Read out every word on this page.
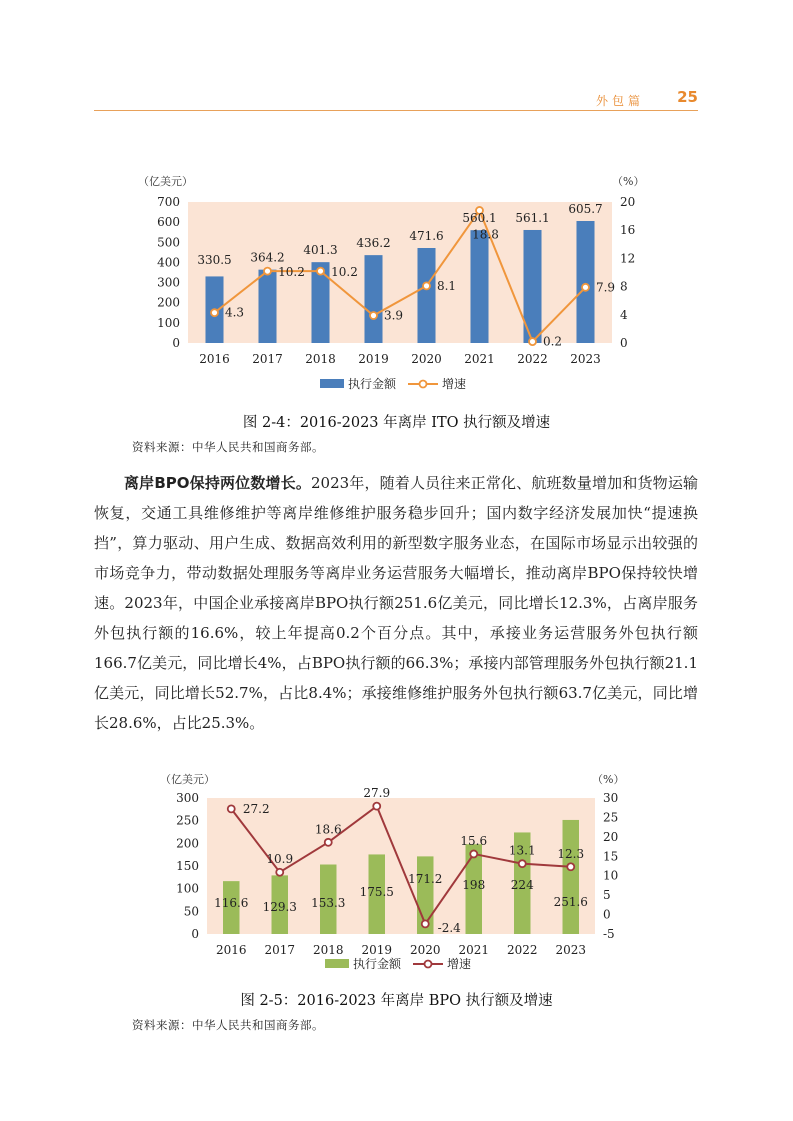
外包篇 25
（亿美元）	（%）
0
100
200
300
400
500
600
700
0
4
8
12
16
20
2016 2017 2018 2019 2020 2021 2022 2023
330.5 364.2
401.3
436.2
471.6
560.1 561.1
605.7
4.3
10.2 10.2
3.9
8.1
18.8
0.2
7.9
执行金额	增速
图 2-4：2016-2023 年离岸 ITO 执行额及增速
资料来源：中华人民共和国商务部。

离岸BPO保持两位数增长。2023年，随着人员往来正常化、航班数量增加和货物运输恢复，交通工具维修维护等离岸维修维护服务稳步回升；国内数字经济发展加快“提速换挡”，算力驱动、用户生成、数据高效利用的新型数字服务业态，在国际市场显示出较强的市场竞争力，带动数据处理服务等离岸业务运营服务大幅增长，推动离岸BPO保持较快增速。2023年，中国企业承接离岸BPO执行额251.6亿美元，同比增长12.3%，占离岸服务外包执行额的16.6%，较上年提高0.2个百分点。其中，承接业务运营服务外包执行额166.7亿美元，同比增长4%，占BPO执行额的66.3%；承接内部管理服务外包执行额21.1亿美元，同比增长52.7%，占比8.4%；承接维修维护服务外包执行额63.7亿美元，同比增长28.6%，占比25.3%。

（亿美元）	（%）
0
50
100
150
200
250
300
-5
0
5
10
15
20
25
30
2016 2017 2018 2019 2020 2021 2022 2023
116.6 129.3 153.3
175.5
171.2 198 224
251.6
27.2
10.9
18.6
27.9
-2.4
15.6
13.1 12.3
执行金额	增速
图 2-5：2016-2023 年离岸 BPO 执行额及增速
资料来源：中华人民共和国商务部。
